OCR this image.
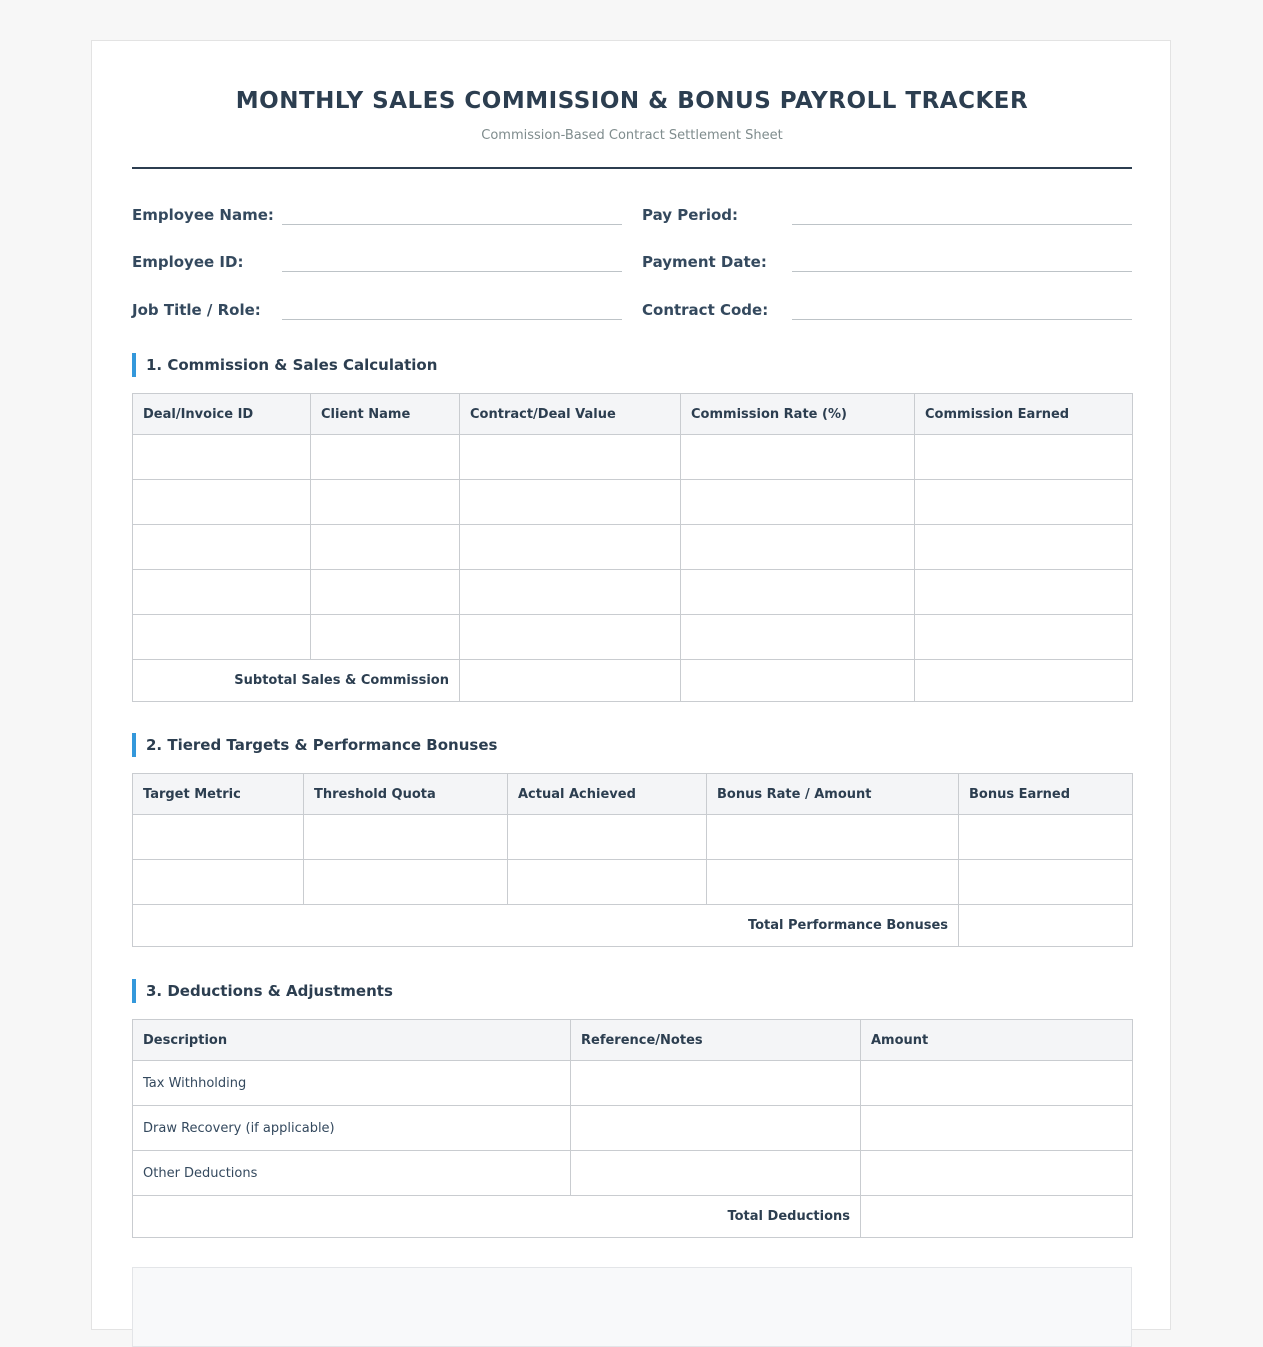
MONTHLY SALES COMMISSION & BONUS PAYROLL TRACKER
Commission-Based Contract Settlement Sheet
Employee Name:	Pay Period:
Employee ID:	Payment Date:
Job Title / Role:	Contract Code:
1. Commission & Sales Calculation
Deal/Invoice ID	Client Name	Contract/Deal Value	Commission Rate (%)	Commission Earned

Subtotal Sales & Commission				
2. Tiered Targets & Performance Bonuses
Target Metric	Threshold Quota	Actual Achieved	Bonus Rate / Amount	Bonus Earned

Total Performance Bonuses				
3. Deductions & Adjustments
Description	Reference/Notes	Amount
Tax Withholding		
Draw Recovery (if applicable)		
Other Deductions		
Total Deductions		
